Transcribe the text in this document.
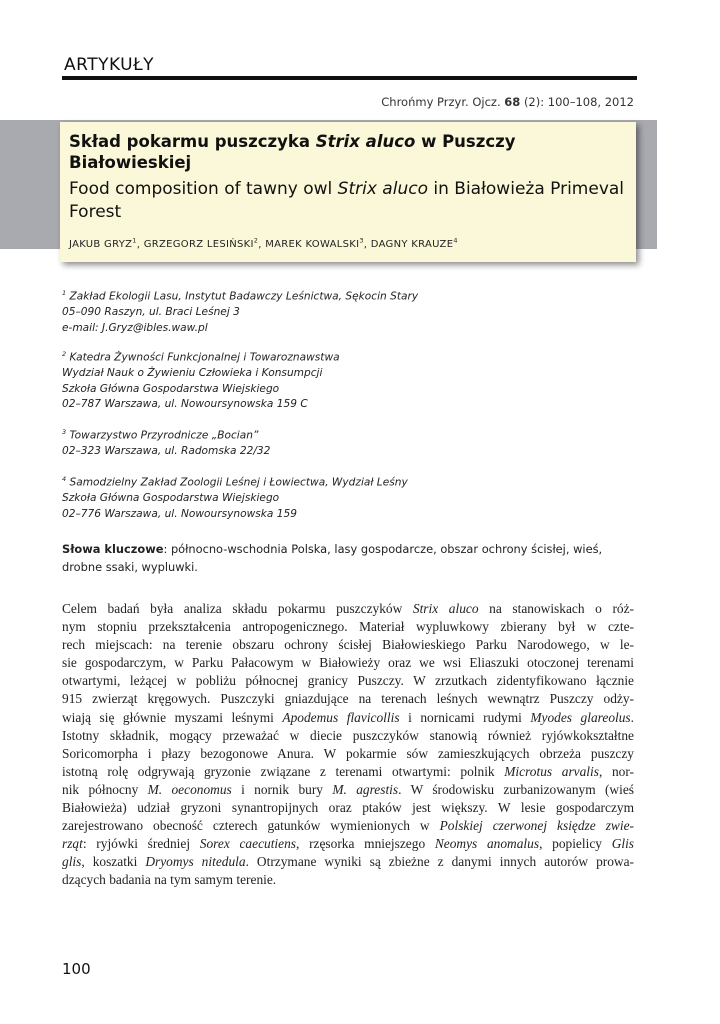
ARTYKUŁY
Chrońmy Przyr. Ojcz. 68 (2): 100–108, 2012
Skład pokarmu puszczyka Strix aluco w Puszczy Białowieskiej
Food composition of tawny owl Strix aluco in Białowieża Primeval Forest
JAKUB GRYZ$^1$, GRZEGORZ LESIŃSKI$^2$, MAREK KOWALSKI$^3$, DAGNY KRAUZE$^4$

$^1$ Zakład Ekologii Lasu, Instytut Badawczy Leśnictwa, Sękocin Stary

05–090 Raszyn, ul. Braci Leśnej 3

e-mail: J.Gryz@ibles.waw.pl

$^2$ Katedra Żywności Funkcjonalnej i Towaroznawstwa

Wydział Nauk o Żywieniu Człowieka i Konsumpcji

Szkoła Główna Gospodarstwa Wiejskiego

02–787 Warszawa, ul. Nowoursynowska 159 C

$^3$ Towarzystwo Przyrodnicze „Bocian”

02–323 Warszawa, ul. Radomska 22/32

$^4$ Samodzielny Zakład Zoologii Leśnej i Łowiectwa, Wydział Leśny

Szkoła Główna Gospodarstwa Wiejskiego

02–776 Warszawa, ul. Nowoursynowska 159

Słowa kluczowe: północno-wschodnia Polska, lasy gospodarcze, obszar ochrony ścisłej, wieś, drobne ssaki, wypluwki.

Celem badań była analiza składu pokarmu puszczyków Strix aluco na stanowiskach o róż-

nym stopniu przekształcenia antropogenicznego. Materiał wypluwkowy zbierany był w czte-

rech miejscach: na terenie obszaru ochrony ścisłej Białowieskiego Parku Narodowego, w le-

sie gospodarczym, w Parku Pałacowym w Białowieży oraz we wsi Eliaszuki otoczonej terenami

otwartymi, leżącej w pobliżu północnej granicy Puszczy. W zrzutkach zidentyfikowano łącznie

915 zwierząt kręgowych. Puszczyki gniazdujące na terenach leśnych wewnątrz Puszczy odży-

wiają się głównie myszami leśnymi Apodemus flavicollis i nornicami rudymi Myodes glareolus.

Istotny składnik, mogący przeważać w diecie puszczyków stanowią również ryjówkokształtne

Soricomorpha i płazy bezogonowe Anura. W pokarmie sów zamieszkujących obrzeża puszczy

istotną rolę odgrywają gryzonie związane z terenami otwartymi: polnik Microtus arvalis, nor-

nik północny M. oeconomus i nornik bury M. agrestis. W środowisku zurbanizowanym (wieś

Białowieża) udział gryzoni synantropijnych oraz ptaków jest większy. W lesie gospodarczym

zarejestrowano obecność czterech gatunków wymienionych w Polskiej czerwonej księdze zwie-

rząt: ryjówki średniej Sorex caecutiens, rzęsorka mniejszego Neomys anomalus, popielicy Glis

glis, koszatki Dryomys nitedula. Otrzymane wyniki są zbieżne z danymi innych autorów prowa-

dzących badania na tym samym terenie.

100
